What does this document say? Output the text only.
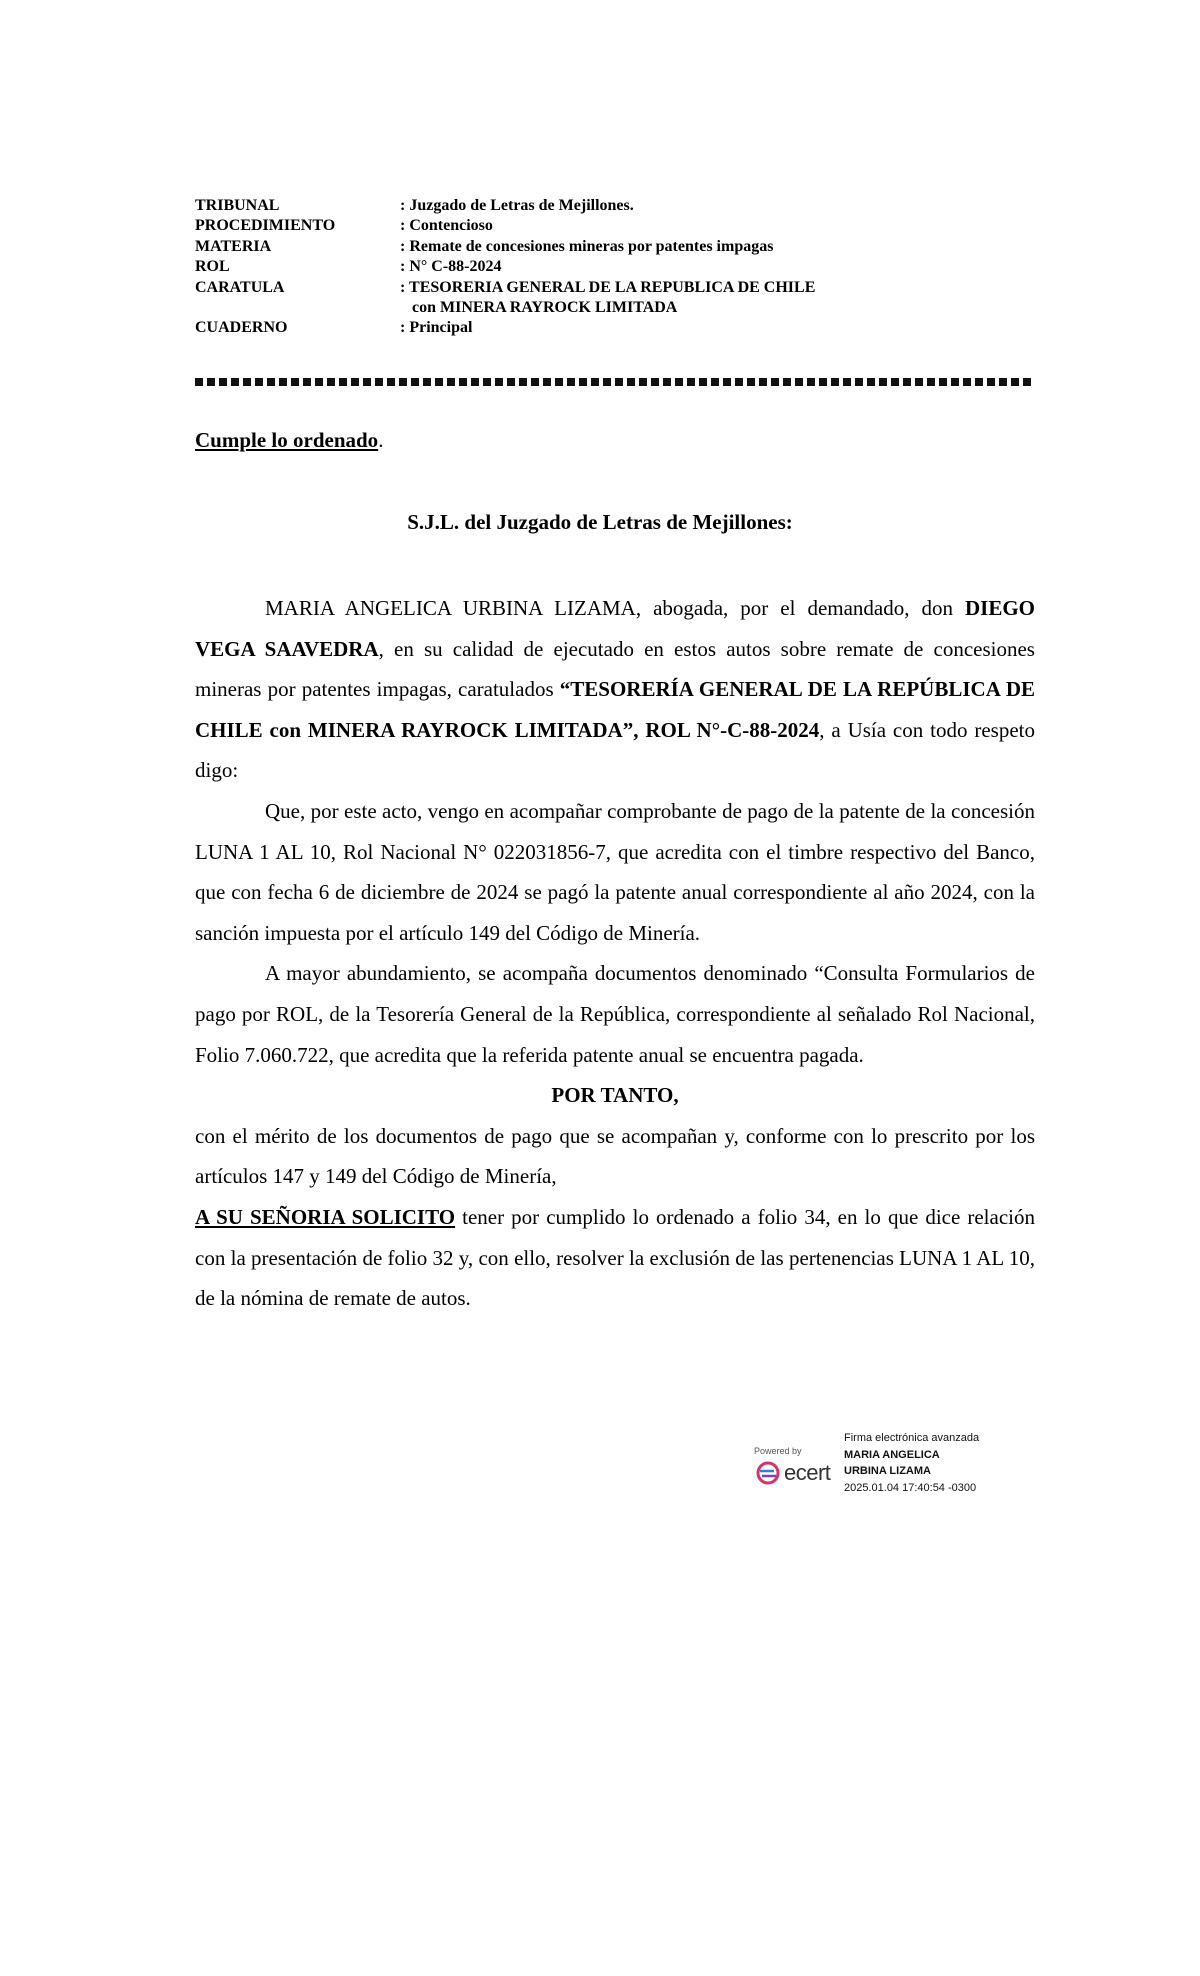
TRIBUNAL	: Juzgado de Letras de Mejillones.
PROCEDIMIENTO	: Contencioso
MATERIA	: Remate de concesiones mineras por patentes impagas
ROL	: N° C-88-2024
CARATULA	: TESORERIA GENERAL DE LA REPUBLICA DE CHILE
con MINERA RAYROCK LIMITADA
CUADERNO	: Principal
Cumple lo ordenado.
S.J.L. del Juzgado de Letras de Mejillones:

MARIA ANGELICA URBINA LIZAMA, abogada, por el demandado, don DIEGO VEGA SAAVEDRA, en su calidad de ejecutado en estos autos sobre remate de concesiones mineras por patentes impagas, caratulados “TESORERÍA GENERAL DE LA REPÚBLICA DE CHILE con MINERA RAYROCK LIMITADA”, ROL N°-C-88-2024, a Usía con todo respeto digo:

Que, por este acto, vengo en acompañar comprobante de pago de la patente de la concesión LUNA 1 AL 10, Rol Nacional N° 022031856-7, que acredita con el timbre respectivo del Banco, que con fecha 6 de diciembre de 2024 se pagó la patente anual correspondiente al año 2024, con la sanción impuesta por el artículo 149 del Código de Minería.

A mayor abundamiento, se acompaña documentos denominado “Consulta Formularios de pago por ROL, de la Tesorería General de la República, correspondiente al señalado Rol Nacional, Folio 7.060.722, que acredita que la referida patente anual se encuentra pagada.

POR TANTO,

con el mérito de los documentos de pago que se acompañan y, conforme con lo prescrito por los artículos 147 y 149 del Código de Minería,

A SU SEÑORIA SOLICITO tener por cumplido lo ordenado a folio 34, en lo que dice relación con la presentación de folio 32 y, con ello, resolver la exclusión de las pertenencias LUNA 1 AL 10, de la nómina de remate de autos.

Powered by
ecert
Firma electrónica avanzada
MARIA ANGELICA
URBINA LIZAMA
2025.01.04 17:40:54 -0300
